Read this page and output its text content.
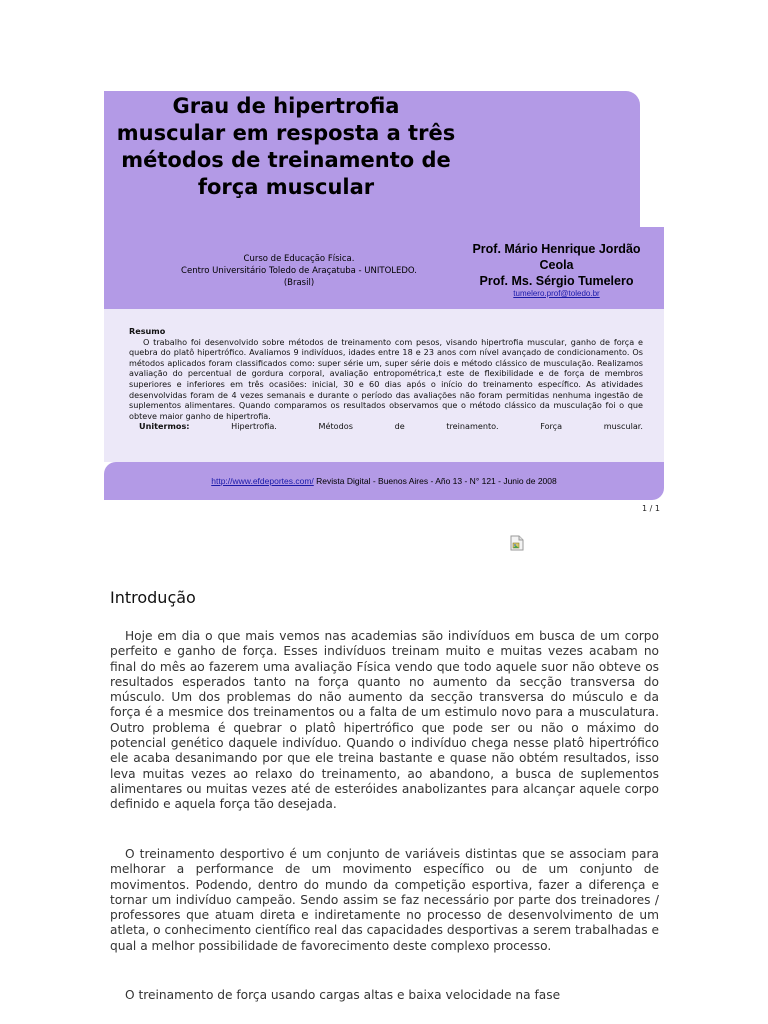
Grau de hipertrofia muscular em resposta a três métodos de treinamento de força muscular
Curso de Educação Física.
Centro Universitário Toledo de Araçatuba - UNITOLEDO.
(Brasil)
Prof. Mário Henrique Jordão Ceola
Prof. Ms. Sérgio Tumelero
tumelero.prof@toledo.br
Resumo
O trabalho foi desenvolvido sobre métodos de treinamento com pesos, visando hipertrofia muscular, ganho de força e quebra do platô hipertrófico. Avaliamos 9 indivíduos, idades entre 18 e 23 anos com nível avançado de condicionamento. Os métodos aplicados foram classificados como: super série um, super série dois e método clássico de musculação. Realizamos avaliação do percentual de gordura corporal, avaliação entropométrica,t este de flexibilidade e de força de membros superiores e inferiores em três ocasiões: inicial, 30 e 60 dias após o início do treinamento específico. As atividades desenvolvidas foram de 4 vezes semanais e durante o período das avaliações não foram permitidas nenhuma ingestão de suplementos alimentares. Quando comparamos os resultados observamos que o método clássico da musculação foi o que obteve maior ganho de hipertrofia.
Unitermos:	Hipertrofia.	Métodos	de	treinamento.	Força	muscular.
http://www.efdeportes.com/ Revista Digital - Buenos Aires - Año 13 - N° 121 - Junio de 2008
1 / 1
Introdução

Hoje em dia o que mais vemos nas academias são indivíduos em busca de um corpo perfeito e ganho de força. Esses indivíduos treinam muito e muitas vezes acabam no final do mês ao fazerem uma avaliação Física vendo que todo aquele suor não obteve os resultados esperados tanto na força quanto no aumento da secção transversa do músculo. Um dos problemas do não aumento da secção transversa do músculo e da força é a mesmice dos treinamentos ou a falta de um estimulo novo para a musculatura. Outro problema é quebrar o platô hipertrófico que pode ser ou não o máximo do potencial genético daquele indivíduo. Quando o indivíduo chega nesse platô hipertrófico ele acaba desanimando por que ele treina bastante e quase não obtém resultados, isso leva muitas vezes ao relaxo do treinamento, ao abandono, a busca de suplementos alimentares ou muitas vezes até de esteróides anabolizantes para alcançar aquele corpo definido e aquela força tão desejada.

O treinamento desportivo é um conjunto de variáveis distintas que se associam para melhorar a performance de um movimento específico ou de um conjunto de movimentos. Podendo, dentro do mundo da competição esportiva, fazer a diferença e tornar um indivíduo campeão. Sendo assim se faz necessário por parte dos treinadores / professores que atuam direta e indiretamente no processo de desenvolvimento de um atleta, o conhecimento científico real das capacidades desportivas a serem trabalhadas e qual a melhor possibilidade de favorecimento deste complexo processo.

O treinamento de força usando cargas altas e baixa velocidade na fase
